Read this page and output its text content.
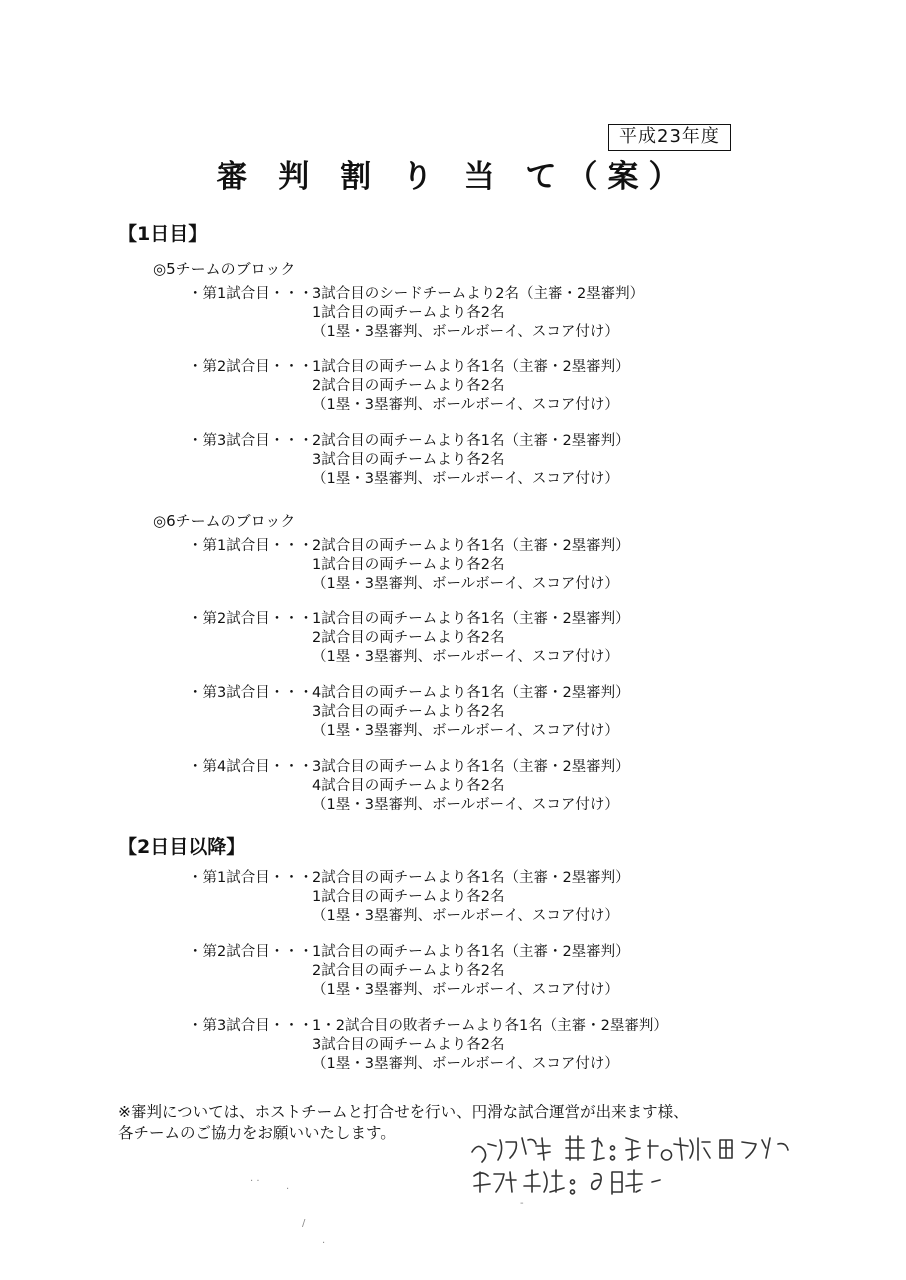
平成23年度
審 判 割 り 当 て（案）
【1日目】
◎5チームのブロック
・第1試合目・・・
3試合目のシードチームより2名（主審・2塁審判）
1試合目の両チームより各2名
（1塁・3塁審判、ボールボーイ、スコア付け）
・第2試合目・・・
1試合目の両チームより各1名（主審・2塁審判）
2試合目の両チームより各2名
（1塁・3塁審判、ボールボーイ、スコア付け）
・第3試合目・・・
2試合目の両チームより各1名（主審・2塁審判）
3試合目の両チームより各2名
（1塁・3塁審判、ボールボーイ、スコア付け）
◎6チームのブロック
・第1試合目・・・
2試合目の両チームより各1名（主審・2塁審判）
1試合目の両チームより各2名
（1塁・3塁審判、ボールボーイ、スコア付け）
・第2試合目・・・
1試合目の両チームより各1名（主審・2塁審判）
2試合目の両チームより各2名
（1塁・3塁審判、ボールボーイ、スコア付け）
・第3試合目・・・
4試合目の両チームより各1名（主審・2塁審判）
3試合目の両チームより各2名
（1塁・3塁審判、ボールボーイ、スコア付け）
・第4試合目・・・
3試合目の両チームより各1名（主審・2塁審判）
4試合目の両チームより各2名
（1塁・3塁審判、ボールボーイ、スコア付け）
【2日目以降】
・第1試合目・・・
2試合目の両チームより各1名（主審・2塁審判）
1試合目の両チームより各2名
（1塁・3塁審判、ボールボーイ、スコア付け）
・第2試合目・・・
1試合目の両チームより各1名（主審・2塁審判）
2試合目の両チームより各2名
（1塁・3塁審判、ボールボーイ、スコア付け）
・第3試合目・・・
1・2試合目の敗者チームより各1名（主審・2塁審判）
3試合目の両チームより各2名
（1塁・3塁審判、ボールボーイ、スコア付け）
※審判については、ホストチームと打合せを行い、円滑な試合運営が出来ます様、
各チームのご協力をお願いいたします。
· ·
·
‐
/
·
